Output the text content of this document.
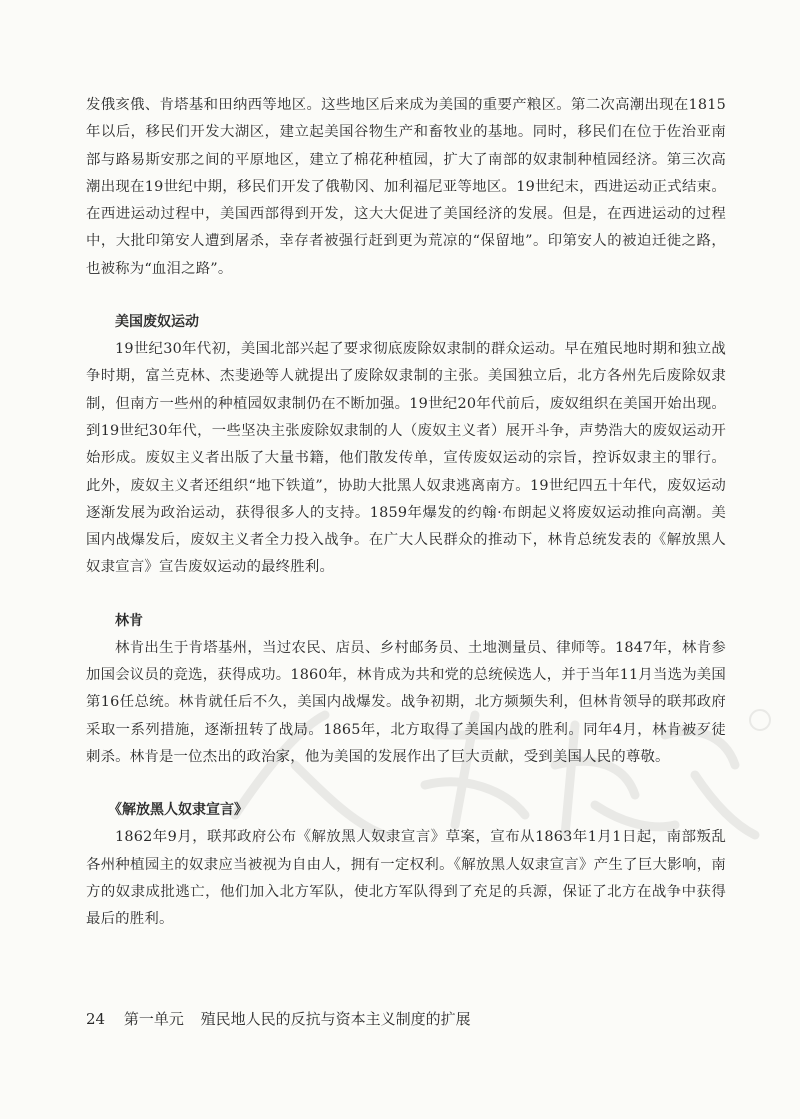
发俄亥俄、肯塔基和田纳西等地区。这些地区后来成为美国的重要产粮区。第二次高潮出现在1815年以后，移民们开发大湖区，建立起美国谷物生产和畜牧业的基地。同时，移民们在位于佐治亚南部与路易斯安那之间的平原地区，建立了棉花种植园，扩大了南部的奴隶制种植园经济。第三次高潮出现在19世纪中期，移民们开发了俄勒冈、加利福尼亚等地区。19世纪末，西进运动正式结束。在西进运动过程中，美国西部得到开发，这大大促进了美国经济的发展。但是，在西进运动的过程中，大批印第安人遭到屠杀，幸存者被强行赶到更为荒凉的“保留地”。印第安人的被迫迁徙之路，也被称为“血泪之路”。

美国废奴运动

19世纪30年代初，美国北部兴起了要求彻底废除奴隶制的群众运动。早在殖民地时期和独立战争时期，富兰克林、杰斐逊等人就提出了废除奴隶制的主张。美国独立后，北方各州先后废除奴隶制，但南方一些州的种植园奴隶制仍在不断加强。19世纪20年代前后，废奴组织在美国开始出现。到19世纪30年代，一些坚决主张废除奴隶制的人（废奴主义者）展开斗争，声势浩大的废奴运动开始形成。废奴主义者出版了大量书籍，他们散发传单，宣传废奴运动的宗旨，控诉奴隶主的罪行。此外，废奴主义者还组织“地下铁道”，协助大批黑人奴隶逃离南方。19世纪四五十年代，废奴运动逐渐发展为政治运动，获得很多人的支持。1859年爆发的约翰·布朗起义将废奴运动推向高潮。美国内战爆发后，废奴主义者全力投入战争。在广大人民群众的推动下，林肯总统发表的《解放黑人奴隶宣言》宣告废奴运动的最终胜利。

林肯

林肯出生于肯塔基州，当过农民、店员、乡村邮务员、土地测量员、律师等。1847年，林肯参加国会议员的竞选，获得成功。1860年，林肯成为共和党的总统候选人，并于当年11月当选为美国第16任总统。林肯就任后不久，美国内战爆发。战争初期，北方频频失利，但林肯领导的联邦政府采取一系列措施，逐渐扭转了战局。1865年，北方取得了美国内战的胜利。同年4月，林肯被歹徒刺杀。林肯是一位杰出的政治家，他为美国的发展作出了巨大贡献，受到美国人民的尊敬。

《解放黑人奴隶宣言》

1862年9月，联邦政府公布《解放黑人奴隶宣言》草案，宣布从1863年1月1日起，南部叛乱各州种植园主的奴隶应当被视为自由人，拥有一定权利。《解放黑人奴隶宣言》产生了巨大影响，南方的奴隶成批逃亡，他们加入北方军队，使北方军队得到了充足的兵源，保证了北方在战争中获得最后的胜利。

24 第一单元 殖民地人民的反抗与资本主义制度的扩展
